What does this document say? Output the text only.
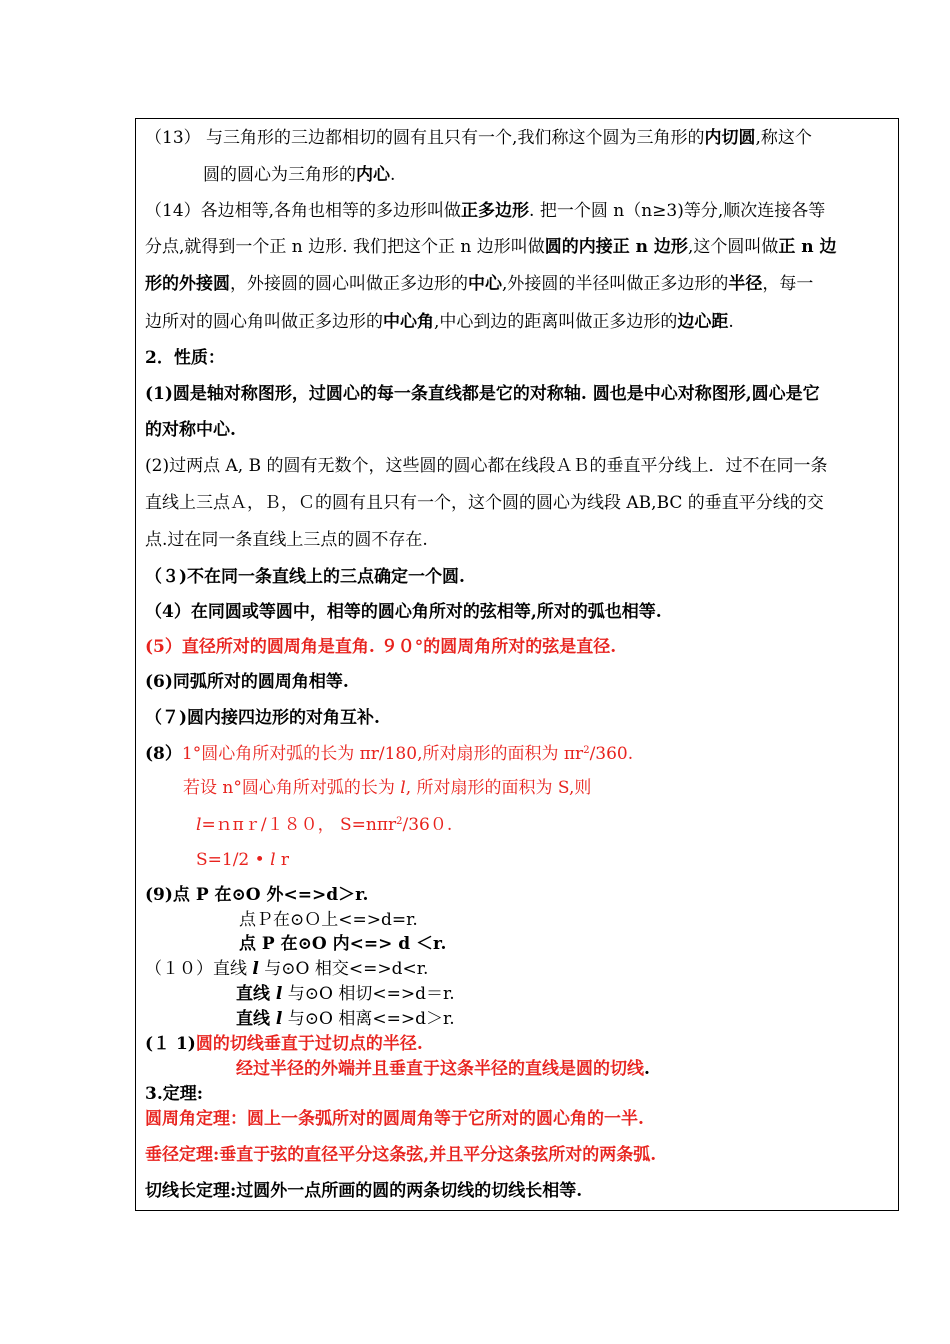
（13） 与三角形的三边都相切的圆有且只有一个,我们称这个圆为三角形的内切圆,称这个
圆的圆心为三角形的内心.
（14）各边相等,各角也相等的多边形叫做正多边形. 把一个圆 n（n≥3)等分,顺次连接各等
分点,就得到一个正 n 边形. 我们把这个正 n 边形叫做圆的内接正 n 边形,这个圆叫做正 n 边
形的外接圆，外接圆的圆心叫做正多边形的中心,外接圆的半径叫做正多边形的半径，每一
边所对的圆心角叫做正多边形的中心角,中心到边的距离叫做正多边形的边心距.
2．性质：
(1)圆是轴对称图形，过圆心的每一条直线都是它的对称轴. 圆也是中心对称图形,圆心是它
的对称中心.
(2)过两点 A, B 的圆有无数个，这些圆的圆心都在线段ＡＢ的垂直平分线上．过不在同一条
直线上三点Ａ，Ｂ，Ｃ的圆有且只有一个，这个圆的圆心为线段 AB,BC 的垂直平分线的交
点.过在同一条直线上三点的圆不存在.
（３)不在同一条直线上的三点确定一个圆.
（4）在同圆或等圆中，相等的圆心角所对的弦相等,所对的弧也相等.
(5）直径所对的圆周角是直角. ９０°的圆周角所对的弦是直径.
(6)同弧所对的圆周角相等.
（７)圆内接四边形的对角互补.
(8）1°圆心角所对弧的长为 πr/180,所对扇形的面积为 $\pi r^2/360$.
若设 n°圆心角所对弧的长为 l, 所对扇形的面积为 S,则
l=ｎπｒ/１８０， S=nπr$^2$/36０.
S=1/2 • l r
(9)点 P 在⊙O 外<=>d＞r.
点Ｐ在⊙Ｏ上<=>d=r.
点 P 在⊙O 内<=> d ＜r.
（１０）直线 l 与⊙O 相交<=>d<r.
直线 l 与⊙O 相切<=>d＝r.
直线 l 与⊙O 相离<=>d＞r.
(１ 1)圆的切线垂直于过切点的半径.
经过半径的外端并且垂直于这条半径的直线是圆的切线.
3.定理:
圆周角定理：圆上一条弧所对的圆周角等于它所对的圆心角的一半.
垂径定理:垂直于弦的直径平分这条弦,并且平分这条弦所对的两条弧.
切线长定理:过圆外一点所画的圆的两条切线的切线长相等.
